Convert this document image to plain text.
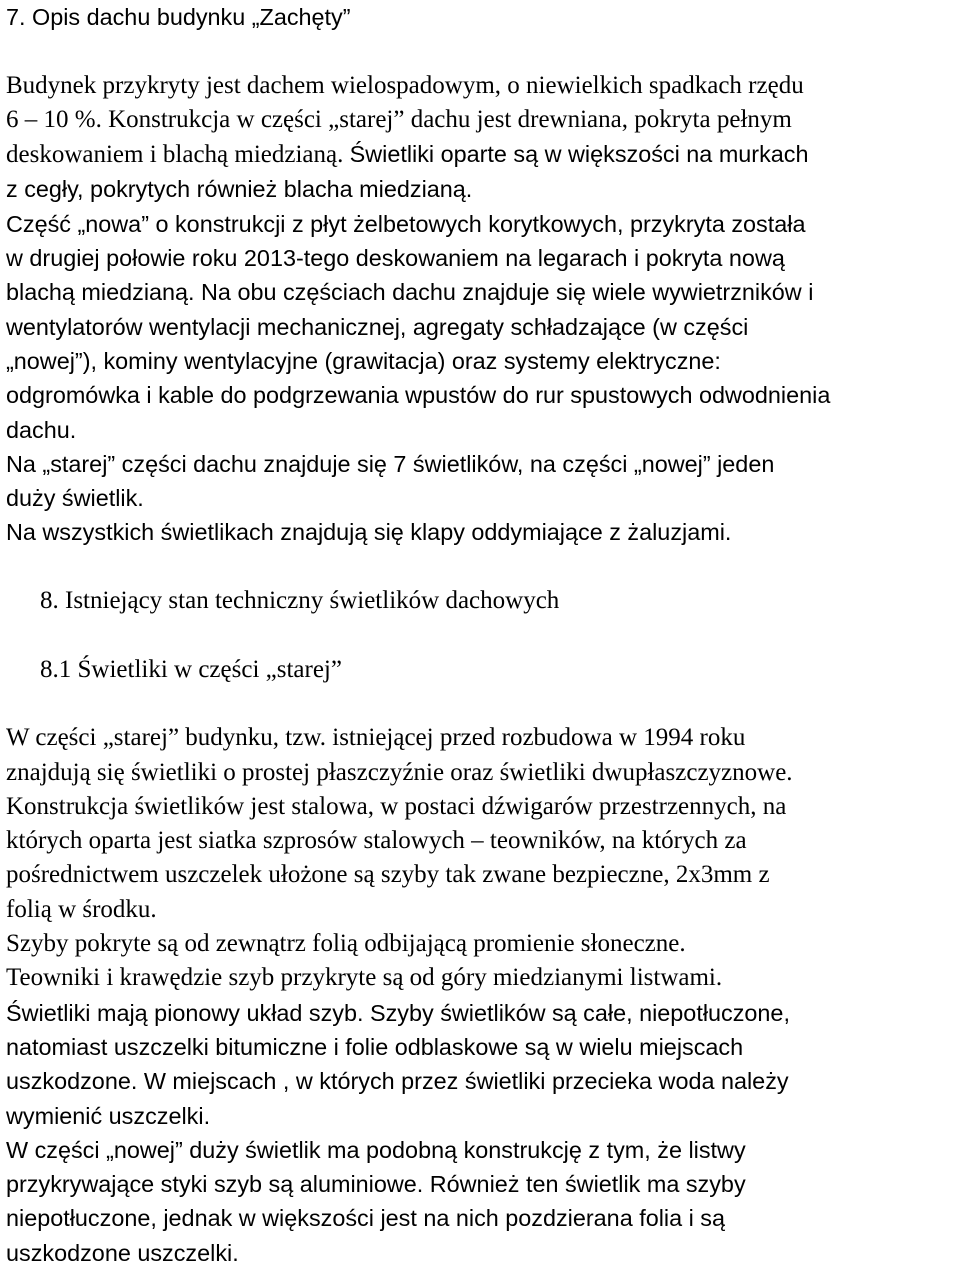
7. Opis dachu budynku „Zachęty”
Budynek przykryty jest dachem wielospadowym, o niewielkich spadkach rzędu
6 – 10 %. Konstrukcja w części „starej” dachu jest drewniana, pokryta pełnym
deskowaniem i blachą miedzianą. Świetliki oparte są w większości na murkach
z cegły, pokrytych również blacha miedzianą.
Część „nowa” o konstrukcji z płyt żelbetowych korytkowych, przykryta została
w drugiej połowie roku 2013-tego deskowaniem na legarach i pokryta nową
blachą miedzianą. Na obu częściach dachu znajduje się wiele wywietrzników i
wentylatorów wentylacji mechanicznej, agregaty schładzające (w części
„nowej”), kominy wentylacyjne (grawitacja) oraz systemy elektryczne:
odgromówka i kable do podgrzewania wpustów do rur spustowych odwodnienia
dachu.
Na „starej” części dachu znajduje się 7 świetlików, na części „nowej” jeden
duży świetlik.
Na wszystkich świetlikach znajdują się klapy oddymiające z żaluzjami.
8. Istniejący stan techniczny świetlików dachowych
8.1 Świetliki w części „starej”
W części „starej” budynku, tzw. istniejącej przed rozbudowa w 1994 roku
znajdują się świetliki o prostej płaszczyźnie oraz świetliki dwupłaszczyznowe.
Konstrukcja świetlików jest stalowa, w postaci dźwigarów przestrzennych, na
których oparta jest siatka szprosów stalowych – teowników, na których za
pośrednictwem uszczelek ułożone są szyby tak zwane bezpieczne, 2x3mm z
folią w środku.
Szyby pokryte są od zewnątrz folią odbijającą promienie słoneczne.
Teowniki i krawędzie szyb przykryte są od góry miedzianymi listwami.
Świetliki mają pionowy układ szyb. Szyby świetlików są całe, niepotłuczone,
natomiast uszczelki bitumiczne i folie odblaskowe są w wielu miejscach
uszkodzone. W miejscach , w których przez świetliki przecieka woda należy
wymienić uszczelki.
W części „nowej” duży świetlik ma podobną konstrukcję z tym, że listwy
przykrywające styki szyb są aluminiowe. Również ten świetlik ma szyby
niepotłuczone, jednak w większości jest na nich pozdzierana folia i są
uszkodzone uszczelki.
